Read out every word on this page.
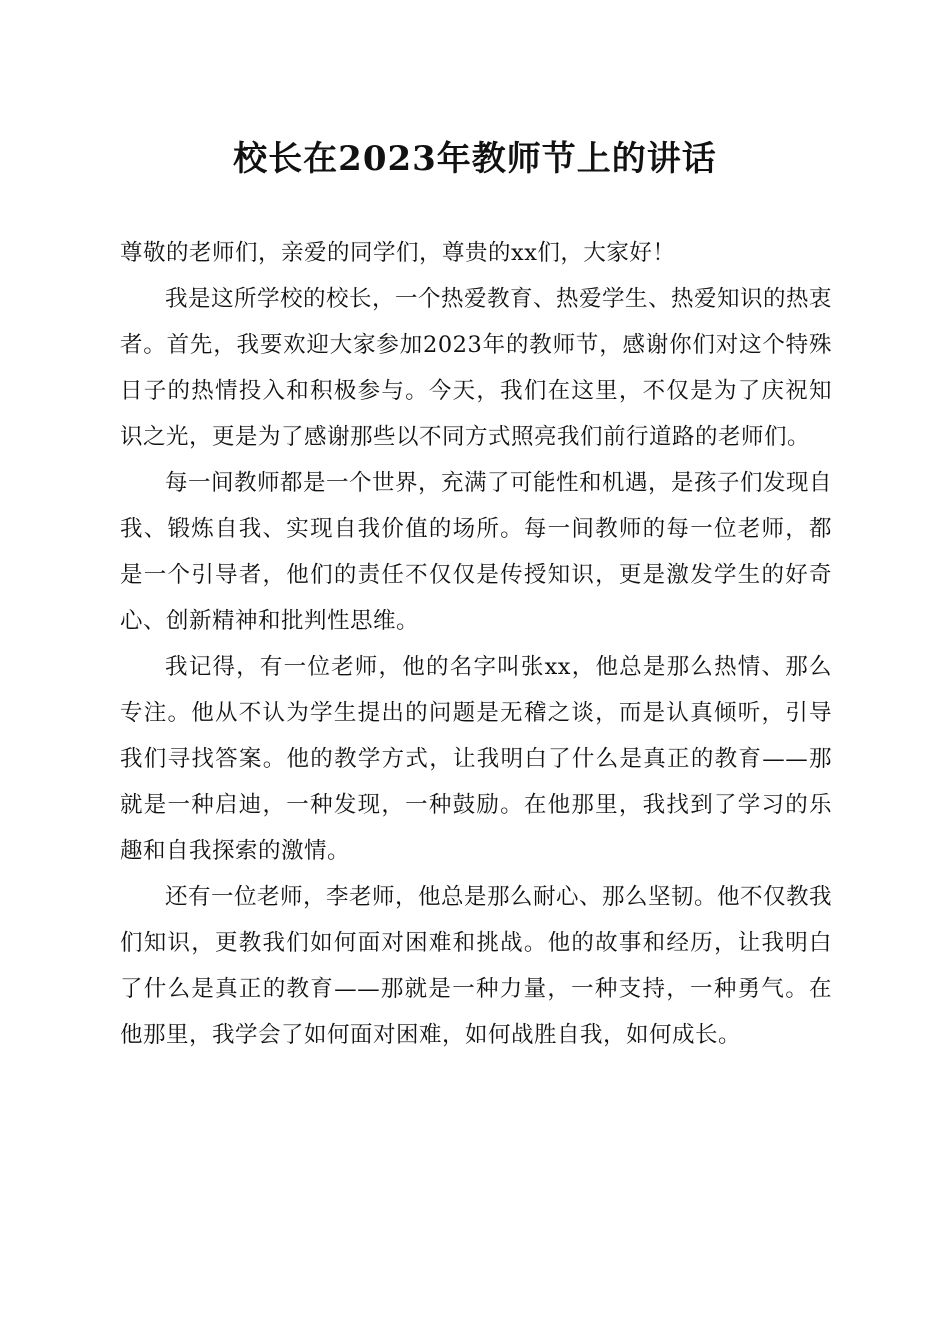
校长在2023年教师节上的讲话

尊敬的老师们，亲爱的同学们，尊贵的xx们，大家好！

我是这所学校的校长，一个热爱教育、热爱学生、热爱知识的热衷者。首先，我要欢迎大家参加2023年的教师节，感谢你们对这个特殊日子的热情投入和积极参与。今天，我们在这里，不仅是为了庆祝知识之光，更是为了感谢那些以不同方式照亮我们前行道路的老师们。

每一间教师都是一个世界，充满了可能性和机遇，是孩子们发现自我、锻炼自我、实现自我价值的场所。每一间教师的每一位老师，都是一个引导者，他们的责任不仅仅是传授知识，更是激发学生的好奇心、创新精神和批判性思维。

我记得，有一位老师，他的名字叫张xx，他总是那么热情、那么专注。他从不认为学生提出的问题是无稽之谈，而是认真倾听，引导我们寻找答案。他的教学方式，让我明白了什么是真正的教育——那就是一种启迪，一种发现，一种鼓励。在他那里，我找到了学习的乐趣和自我探索的激情。

还有一位老师，李老师，他总是那么耐心、那么坚韧。他不仅教我们知识，更教我们如何面对困难和挑战。他的故事和经历，让我明白了什么是真正的教育——那就是一种力量，一种支持，一种勇气。在他那里，我学会了如何面对困难，如何战胜自我，如何成长。
